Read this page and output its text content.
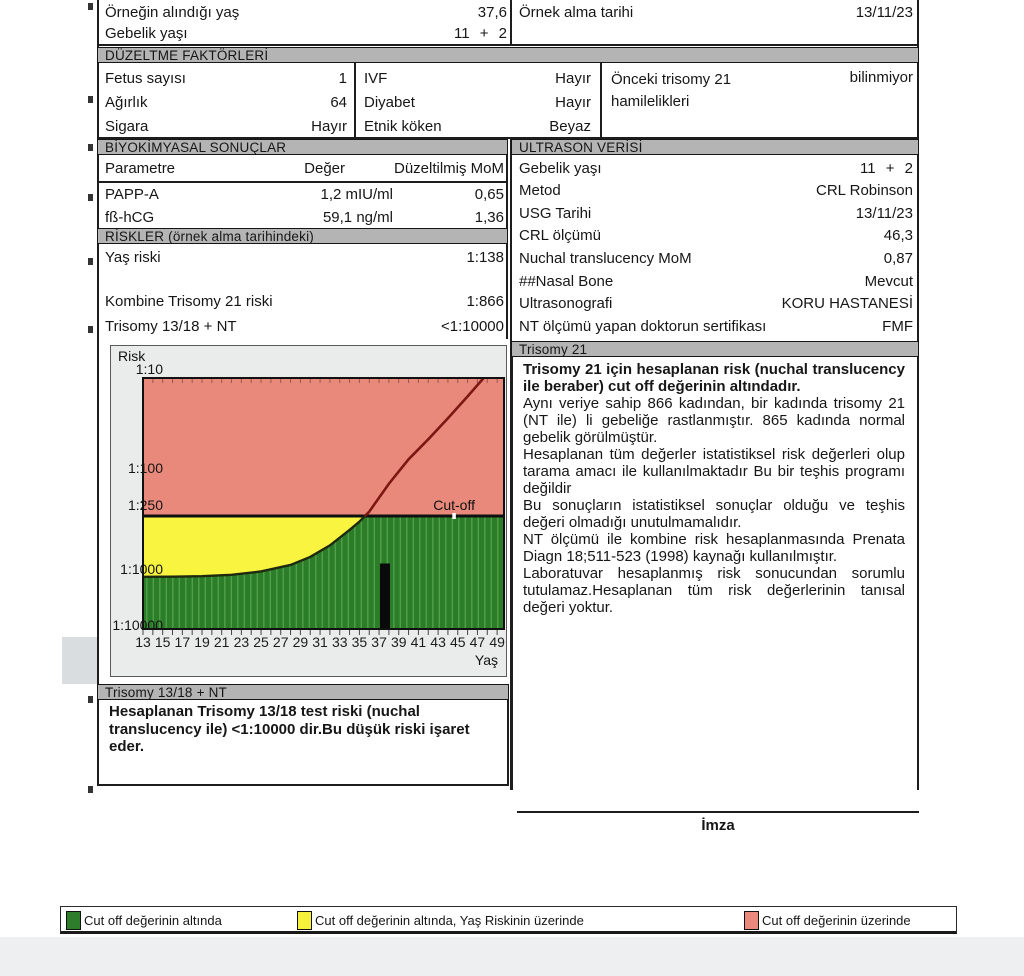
Örneğin alındığı yaş	37,6
Gebelik yaşı	11 + 2
Örnek alma tarihi	13/11/23
DÜZELTME FAKTÖRLERİ
Fetus sayısı	1
Ağırlık	64
Sigara	Hayır
IVF	Hayır
Diyabet	Hayır
Etnik köken	Beyaz
Önceki trisomy 21 hamilelikleri
bilinmiyor
BİYOKİMYASAL SONUÇLAR
Parametre	Değer	Düzeltilmiş MoM
PAPP-A	1,2 mIU/ml	0,65
fß-hCG	59,1 ng/ml	1,36
RİSKLER (örnek alma tarihindeki)
Yaş riski	1:138
Kombine Trisomy 21 riski	1:866
Trisomy 13/18 + NT	<1:10000
ULTRASON VERİSİ
Gebelik yaşı	11 + 2
Metod	CRL Robinson
USG Tarihi	13/11/23
CRL ölçümü	46,3
Nuchal translucency MoM	0,87
##Nasal Bone	Mevcut
Ultrasonografi	KORU HASTANESİ
NT ölçümü yapan doktorun sertifikası	FMF
Risk
Yaş
13 15 17 19 21 23 25 27 29 31 33 35 37 39 41 43 45 47 49
1:10
1:100
1:250
1:1000
1:10000
Cut-off
Trisomy 21

Trisomy 21 için hesaplanan risk (nuchal translucency ile beraber) cut off değerinin altındadır.

Aynı veriye sahip 866 kadından, bir kadında trisomy 21 (NT ile) li gebeliğe rastlanmıştır. 865 kadında normal gebelik görülmüştür.

Hesaplanan tüm değerler istatistiksel risk değerleri olup tarama amacı ile kullanılmaktadır Bu bir teşhis programı değildir

Bu sonuçların istatistiksel sonuçlar olduğu ve teşhis değeri olmadığı unutulmamalıdır.

NT ölçümü ile kombine risk hesaplanmasında Prenata Diagn 18;511-523 (1998) kaynağı kullanılmıştır.

Laboratuvar hesaplanmış risk sonucundan sorumlu tutulamaz.Hesaplanan tüm risk değerlerinin tanısal değeri yoktur.

Trisomy 13/18 + NT
Hesaplanan Trisomy 13/18 test riski (nuchal translucency ile) <1:10000 dir.Bu düşük riski işaret eder.
İmza
Cut off değerinin altında	Cut off değerinin altında, Yaş Riskinin üzerinde	Cut off değerinin üzerinde
